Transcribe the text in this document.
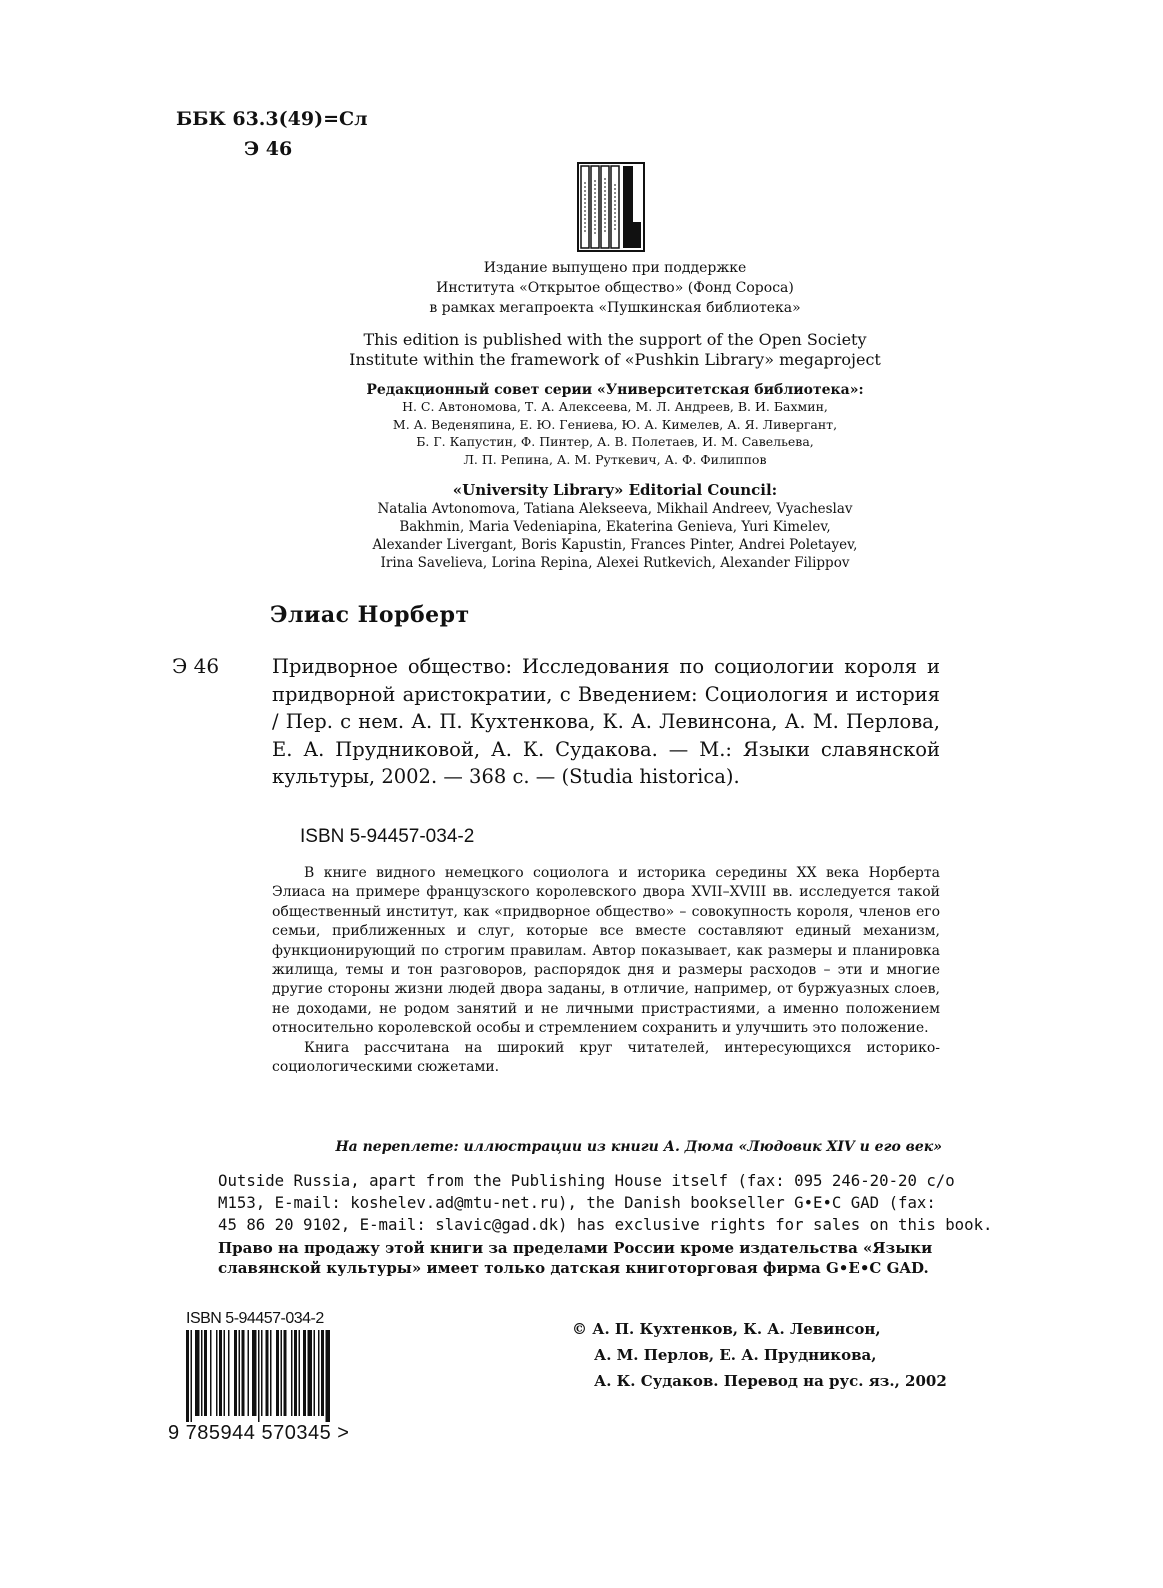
ББК 63.3(49)=Сл
Э 46
Издание выпущено при поддержке
Института «Открытое общество» (Фонд Сороса)
в рамках мегапроекта «Пушкинская библиотека»
This edition is published with the support of the Open Society
Institute within the framework of «Pushkin Library» megaproject
Редакционный совет серии «Университетская библиотека»:
Н. С. Автономова, Т. А. Алексеева, М. Л. Андреев, В. И. Бахмин,
М. А. Веденяпина, Е. Ю. Гениева, Ю. А. Кимелев, А. Я. Ливергант,
Б. Г. Капустин, Ф. Пинтер, А. В. Полетаев, И. М. Савельева,
Л. П. Репина, А. М. Руткевич, А. Ф. Филиппов
«University Library» Editorial Council:
Natalia Avtonomova, Tatiana Alekseeva, Mikhail Andreev, Vyacheslav
Bakhmin, Maria Vedeniapina, Ekaterina Genieva, Yuri Kimelev,
Alexander Livergant, Boris Kapustin, Frances Pinter, Andrei Poletayev,
Irina Savelieva, Lorina Repina, Alexei Rutkevich, Alexander Filippov
Элиас Норберт
Э 46	Придворное общество: Исследования по социологии короля и придворной аристократии, с Введением: Социология и история / Пер. с нем. А. П. Кухтенкова, К. А. Левинсона, А. М. Перлова, Е. А. Прудниковой, А. К. Судакова. — М.: Языки славянской культуры, 2002. — 368 с. — (Studia historica).
ISBN 5-94457-034-2

В книге видного немецкого социолога и историка середины XX века Норберта Элиаса на примере французского королевского двора XVII–XVIII вв. исследуется такой общественный институт, как «придворное общество» – совокупность короля, членов его семьи, приближенных и слуг, которые все вместе составляют единый механизм, функционирующий по строгим правилам. Автор показывает, как размеры и планировка жилища, темы и тон разговоров, распорядок дня и размеры расходов – эти и многие другие стороны жизни людей двора заданы, в отличие, например, от буржуазных слоев, не доходами, не родом занятий и не личными пристрастиями, а именно положением относительно королевской особы и стремлением сохранить и улучшить это положение.

Книга рассчитана на широкий круг читателей, интересующихся историко-социологическими сюжетами.

На переплете: иллюстрации из книги А. Дюма «Людовик XIV и его век»
Outside Russia, apart from the Publishing House itself (fax: 095 246-20-20 c/o
M153, E-mail: koshelev.ad@mtu-net.ru), the Danish bookseller G•E•C GAD (fax:
45 86 20 9102, E-mail: slavic@gad.dk) has exclusive rights for sales on this book.
Право на продажу этой книги за пределами России кроме издательства «Языки
славянской культуры» имеет только датская книготорговая фирма G•E•C GAD.
ISBN 5-94457-034-2
9 785944 570345 >
© А. П. Кухтенков, К. А. Левинсон,
А. М. Перлов, Е. А. Прудникова,
А. К. Судаков. Перевод на рус. яз., 2002
